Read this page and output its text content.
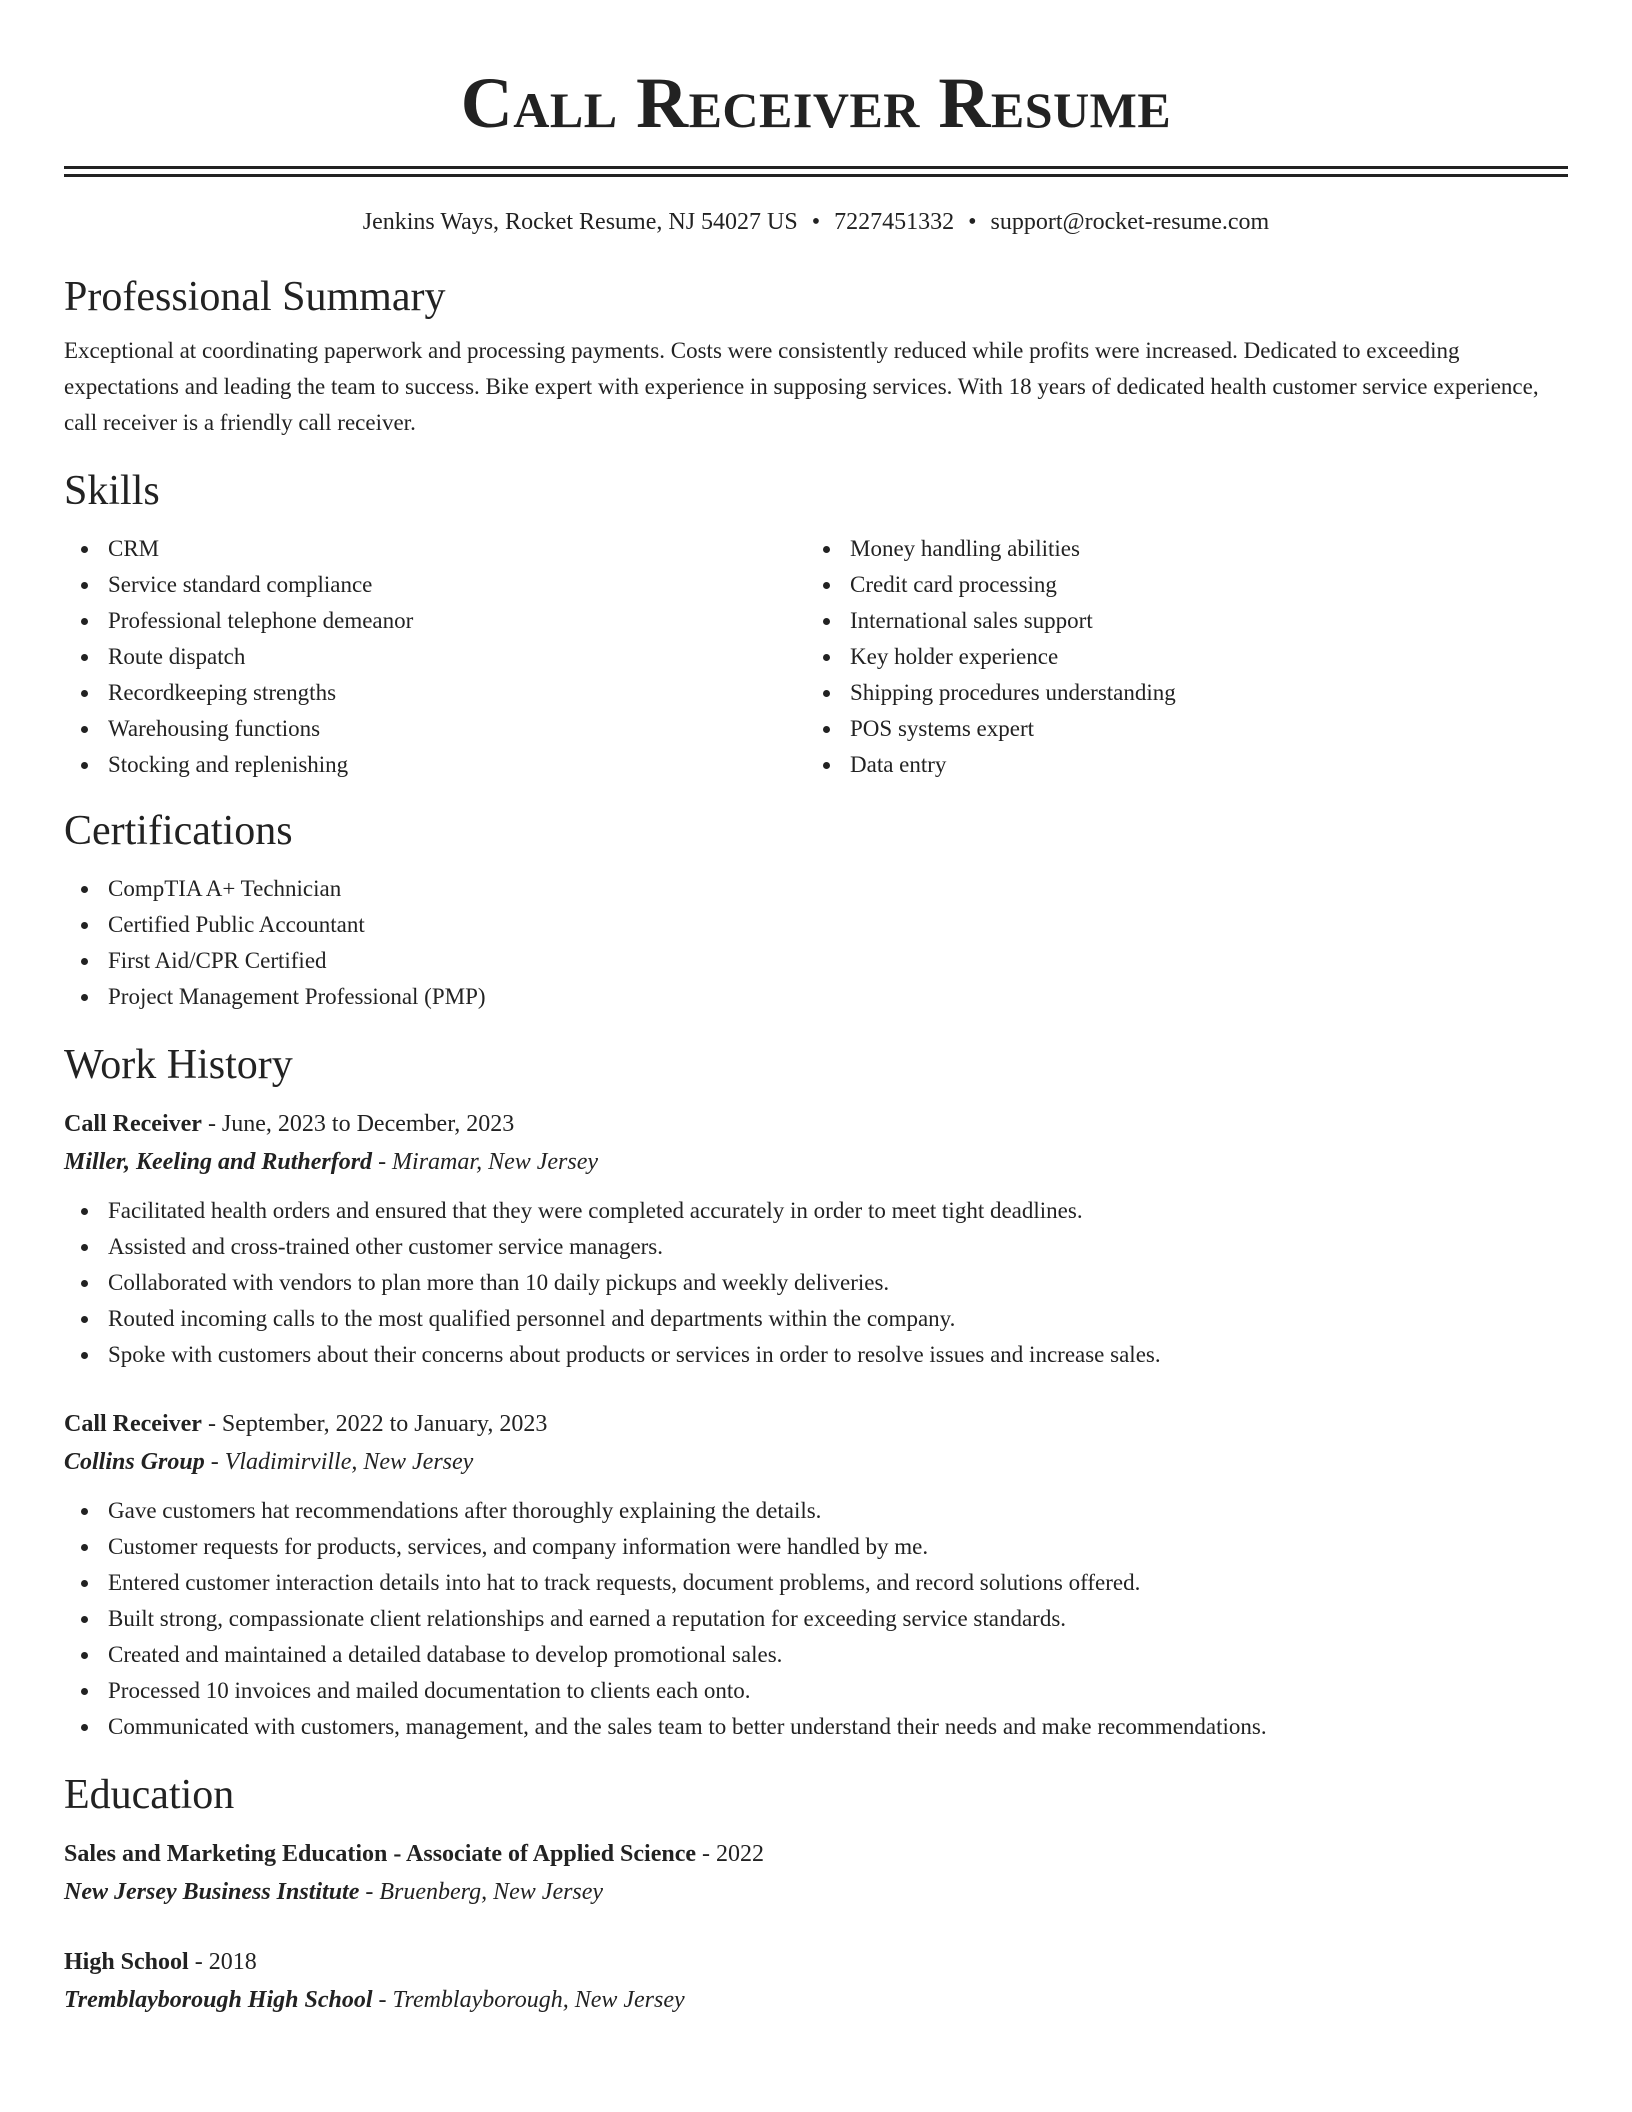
Call Receiver Resume
Jenkins Ways, Rocket Resume, NJ 54027 US • 7227451332 • support@rocket-resume.com
Professional Summary

Exceptional at coordinating paperwork and processing payments. Costs were consistently reduced while profits were increased. Dedicated to exceeding expectations and leading the team to success. Bike expert with experience in supposing services. With 18 years of dedicated health customer service experience, call receiver is a friendly call receiver.

Skills
CRM
Service standard compliance
Professional telephone demeanor
Route dispatch
Recordkeeping strengths
Warehousing functions
Stocking and replenishing
Money handling abilities
Credit card processing
International sales support
Key holder experience
Shipping procedures understanding
POS systems expert
Data entry
Certifications
CompTIA A+ Technician
Certified Public Accountant
First Aid/CPR Certified
Project Management Professional (PMP)
Work History
Call Receiver - June, 2023 to December, 2023
Miller, Keeling and Rutherford - Miramar, New Jersey
Facilitated health orders and ensured that they were completed accurately in order to meet tight deadlines.
Assisted and cross-trained other customer service managers.
Collaborated with vendors to plan more than 10 daily pickups and weekly deliveries.
Routed incoming calls to the most qualified personnel and departments within the company.
Spoke with customers about their concerns about products or services in order to resolve issues and increase sales.
Call Receiver - September, 2022 to January, 2023
Collins Group - Vladimirville, New Jersey
Gave customers hat recommendations after thoroughly explaining the details.
Customer requests for products, services, and company information were handled by me.
Entered customer interaction details into hat to track requests, document problems, and record solutions offered.
Built strong, compassionate client relationships and earned a reputation for exceeding service standards.
Created and maintained a detailed database to develop promotional sales.
Processed 10 invoices and mailed documentation to clients each onto.
Communicated with customers, management, and the sales team to better understand their needs and make recommendations.
Education
Sales and Marketing Education - Associate of Applied Science - 2022
New Jersey Business Institute - Bruenberg, New Jersey
High School - 2018
Tremblayborough High School - Tremblayborough, New Jersey
